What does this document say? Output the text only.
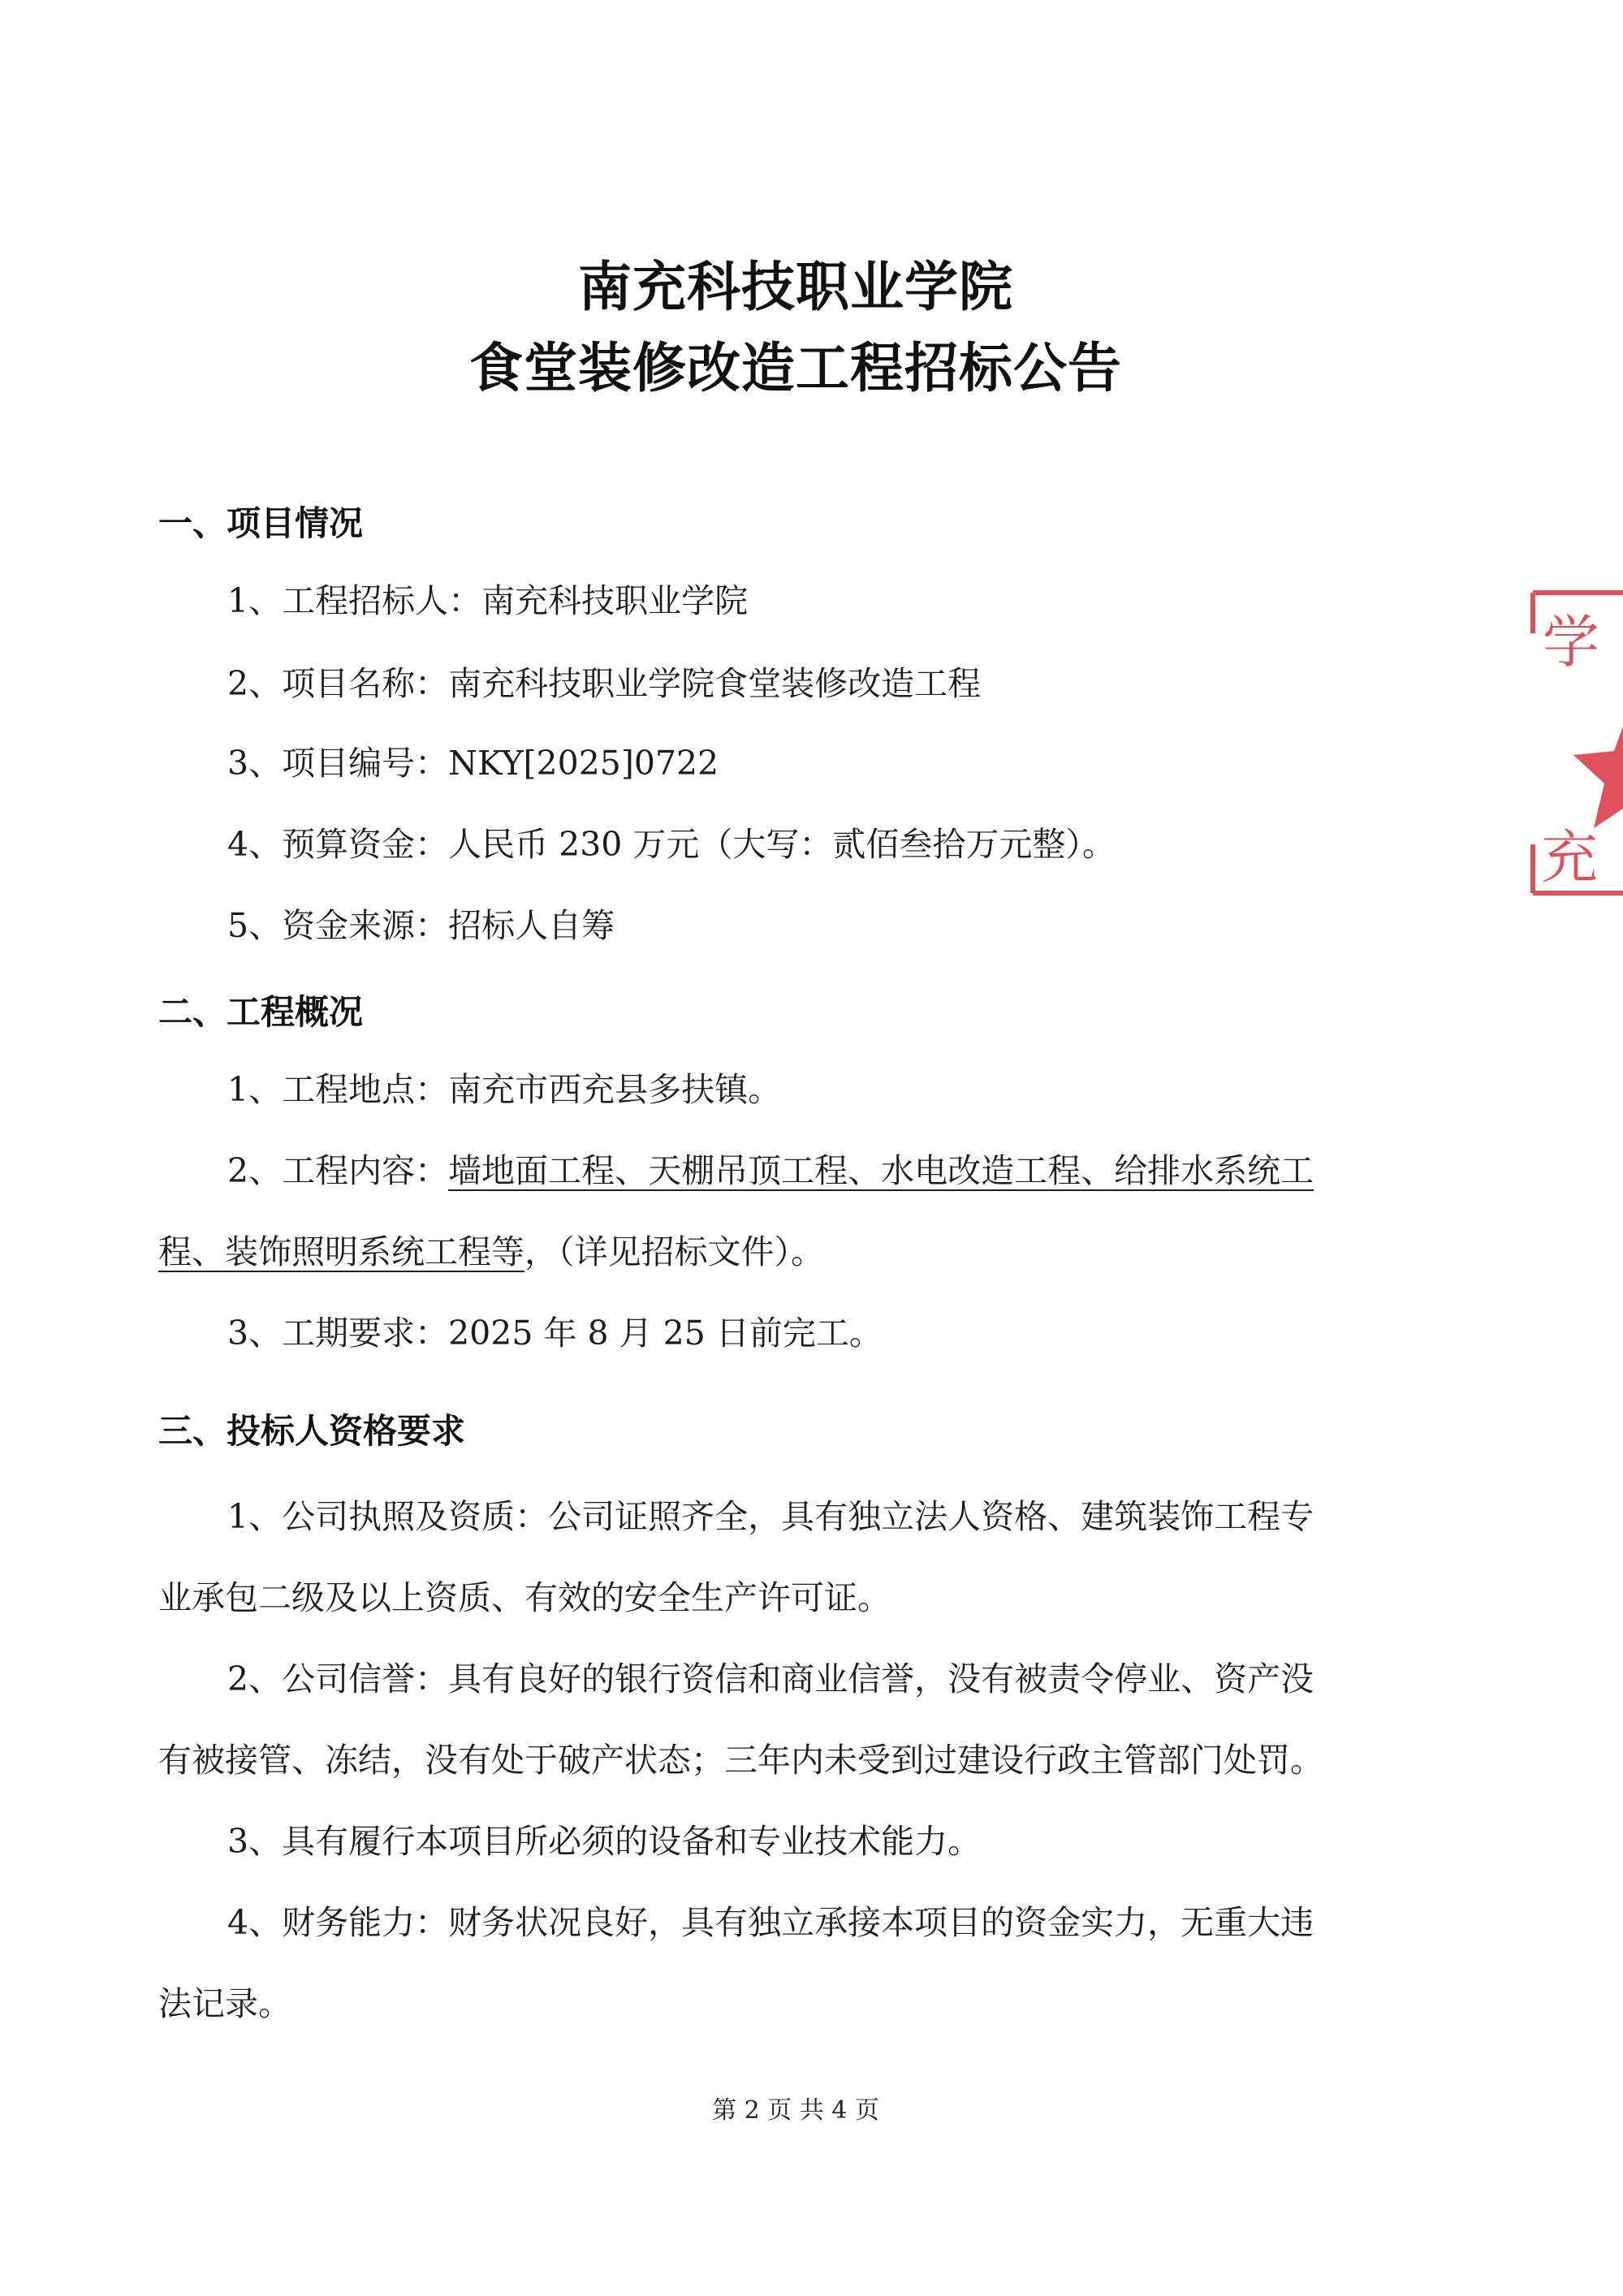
南充科技职业学院
食堂装修改造工程招标公告
一、项目情况
1、工程招标人：南充科技职业学院
2、项目名称：南充科技职业学院食堂装修改造工程
3、项目编号：NKY[2025]0722
4、预算资金：人民币 230 万元（大写：贰佰叁拾万元整）。
5、资金来源：招标人自筹
二、工程概况
1、工程地点：南充市西充县多扶镇。
2、工程内容：墙地面工程、天棚吊顶工程、水电改造工程、给排水系统工
程、装饰照明系统工程等，（详见招标文件）。
3、工期要求：2025 年 8 月 25 日前完工。
三、投标人资格要求
1、公司执照及资质：公司证照齐全，具有独立法人资格、建筑装饰工程专
业承包二级及以上资质、有效的安全生产许可证。
2、公司信誉：具有良好的银行资信和商业信誉，没有被责令停业、资产没
有被接管、冻结，没有处于破产状态；三年内未受到过建设行政主管部门处罚。
3、具有履行本项目所必须的设备和专业技术能力。
4、财务能力：财务状况良好，具有独立承接本项目的资金实力，无重大违
法记录。
第 2 页 共 4 页
学
充
